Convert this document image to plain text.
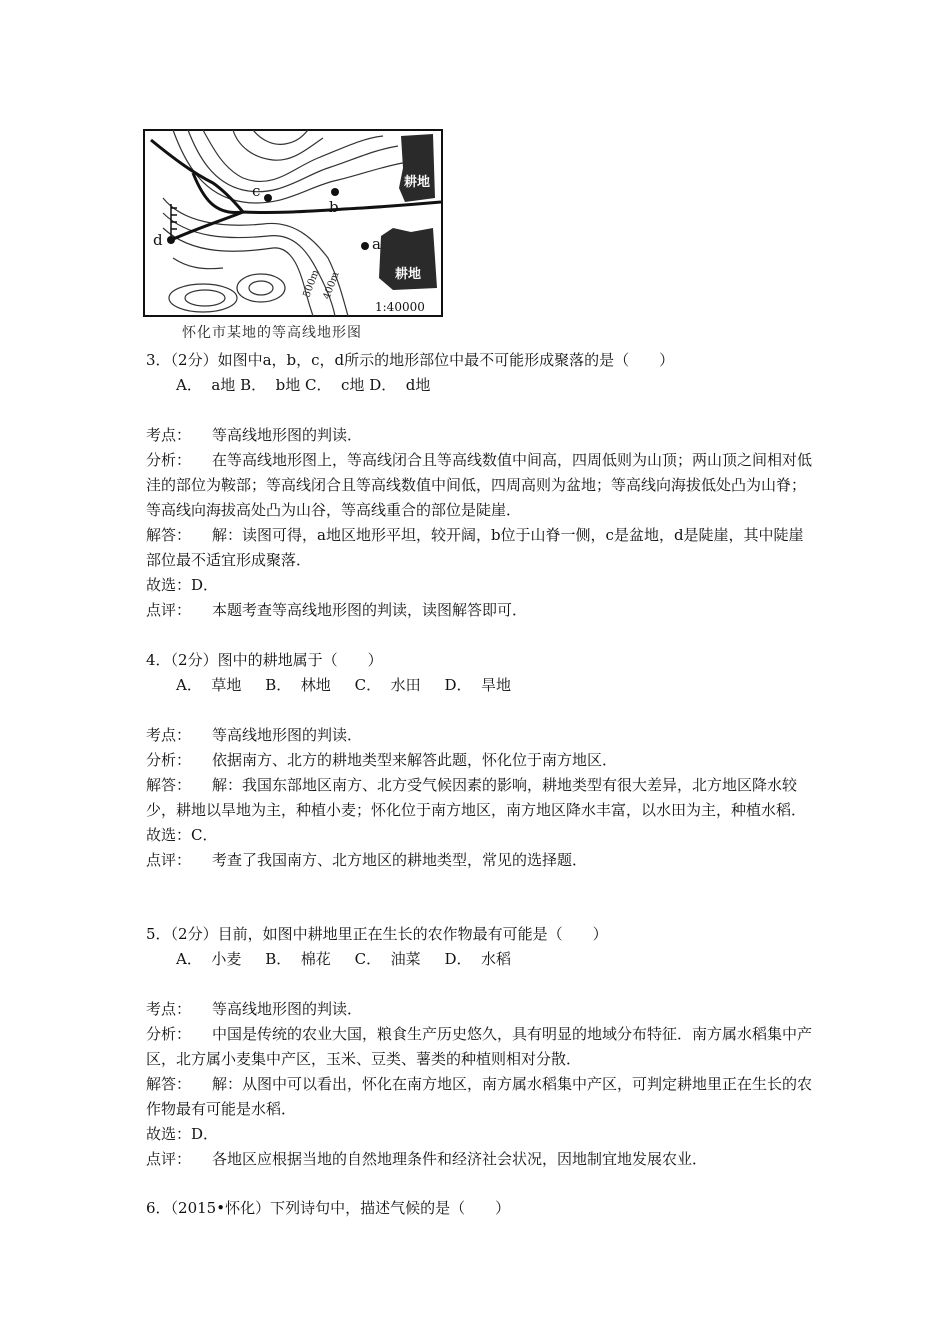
耕地
耕地
c
b
a
d
500m 400m
1:40000
怀化市某地的等高线地形图
3．（2分）如图中a，b，c，d所示的地形部位中最不可能形成聚落的是（　　）
A．  a地 B．  b地 C．  c地 D．  d地
考点：	等高线地形图的判读．
分析：	在等高线地形图上，等高线闭合且等高线数值中间高，四周低则为山顶；两山顶之间相对低洼的部位为鞍部；等高线闭合且等高线数值中间低，四周高则为盆地；等高线向海拔低处凸为山脊；等高线向海拔高处凸为山谷，等高线重合的部位是陡崖．
解答：	解：读图可得，a地区地形平坦，较开阔，b位于山脊一侧，c是盆地，d是陡崖，其中陡崖部位最不适宜形成聚落．
故选：D．
点评：	本题考查等高线地形图的判读，读图解答即可．
4．（2分）图中的耕地属于（　　）
A．  草地     B．  林地     C．  水田     D．  旱地
考点：	等高线地形图的判读．
分析：	依据南方、北方的耕地类型来解答此题，怀化位于南方地区．
解答：	解：我国东部地区南方、北方受气候因素的影响，耕地类型有很大差异，北方地区降水较少，耕地以旱地为主，种植小麦；怀化位于南方地区，南方地区降水丰富，以水田为主，种植水稻．
故选：C．
点评：	考查了我国南方、北方地区的耕地类型，常见的选择题．
5．（2分）目前，如图中耕地里正在生长的农作物最有可能是（　　）
A．  小麦     B．  棉花     C．  油菜     D．  水稻
考点：	等高线地形图的判读．
分析：	中国是传统的农业大国，粮食生产历史悠久，具有明显的地域分布特征．南方属水稻集中产区，北方属小麦集中产区，玉米、豆类、薯类的种植则相对分散．
解答：	解：从图中可以看出，怀化在南方地区，南方属水稻集中产区，可判定耕地里正在生长的农作物最有可能是水稻．
故选：D．
点评：	各地区应根据当地的自然地理条件和经济社会状况，因地制宜地发展农业．
6．（2015•怀化）下列诗句中，描述气候的是（　　）
